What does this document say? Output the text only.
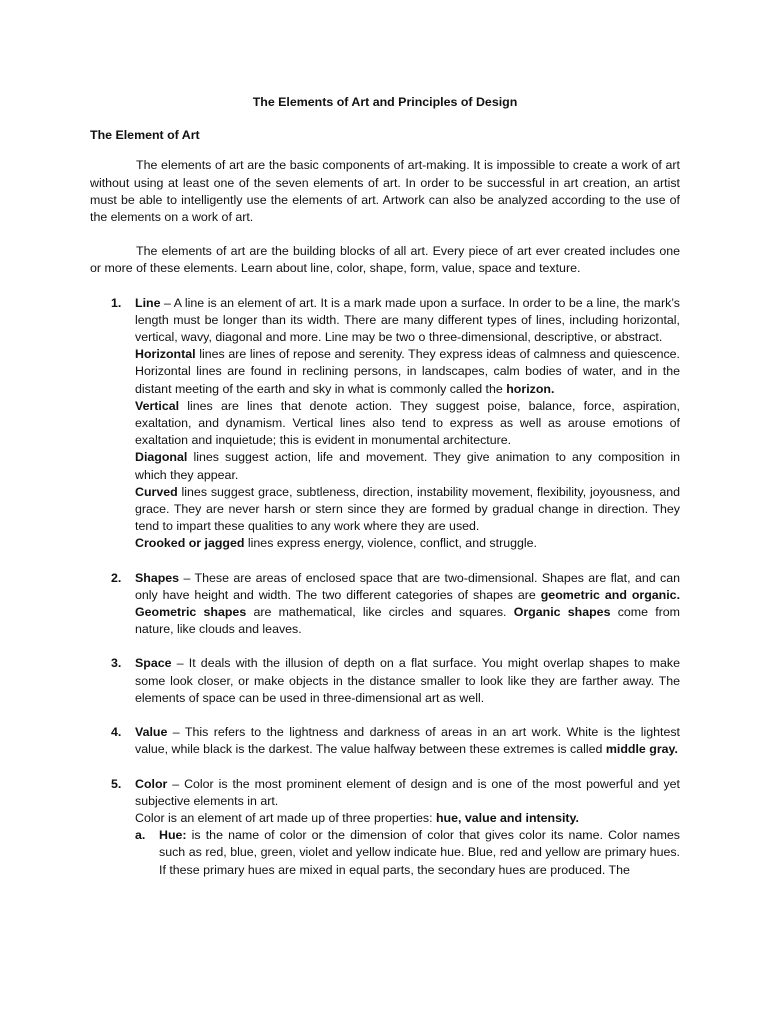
The Elements of Art and Principles of Design
The Element of Art

The elements of art are the basic components of art-making. It is impossible to create a work of art without using at least one of the seven elements of art. In order to be successful in art creation, an artist must be able to intelligently use the elements of art. Artwork can also be analyzed according to the use of the elements on a work of art.

The elements of art are the building blocks of all art. Every piece of art ever created includes one or more of these elements. Learn about line, color, shape, form, value, space and texture.

1. Line – A line is an element of art. It is a mark made upon a surface. In order to be a line, the mark’s length must be longer than its width. There are many different types of lines, including horizontal, vertical, wavy, diagonal and more. Line may be two o three-dimensional, descriptive, or abstract.

Horizontal lines are lines of repose and serenity. They express ideas of calmness and quiescence. Horizontal lines are found in reclining persons, in landscapes, calm bodies of water, and in the distant meeting of the earth and sky in what is commonly called the horizon.

Vertical lines are lines that denote action. They suggest poise, balance, force, aspiration, exaltation, and dynamism. Vertical lines also tend to express as well as arouse emotions of exaltation and inquietude; this is evident in monumental architecture.

Diagonal lines suggest action, life and movement. They give animation to any composition in which they appear.

Curved lines suggest grace, subtleness, direction, instability movement, flexibility, joyousness, and grace. They are never harsh or stern since they are formed by gradual change in direction. They tend to impart these qualities to any work where they are used.

Crooked or jagged lines express energy, violence, conflict, and struggle.

2. Shapes – These are areas of enclosed space that are two-dimensional. Shapes are flat, and can only have height and width. The two different categories of shapes are geometric and organic. Geometric shapes are mathematical, like circles and squares. Organic shapes come from nature, like clouds and leaves.

3. Space – It deals with the illusion of depth on a flat surface. You might overlap shapes to make some look closer, or make objects in the distance smaller to look like they are farther away. The elements of space can be used in three-dimensional art as well.

4. Value – This refers to the lightness and darkness of areas in an art work. White is the lightest value, while black is the darkest. The value halfway between these extremes is called middle gray.

5. Color – Color is the most prominent element of design and is one of the most powerful and yet subjective elements in art.

Color is an element of art made up of three properties: hue, value and intensity.

a. Hue: is the name of color or the dimension of color that gives color its name. Color names such as red, blue, green, violet and yellow indicate hue. Blue, red and yellow are primary hues. If these primary hues are mixed in equal parts, the secondary hues are produced. The
